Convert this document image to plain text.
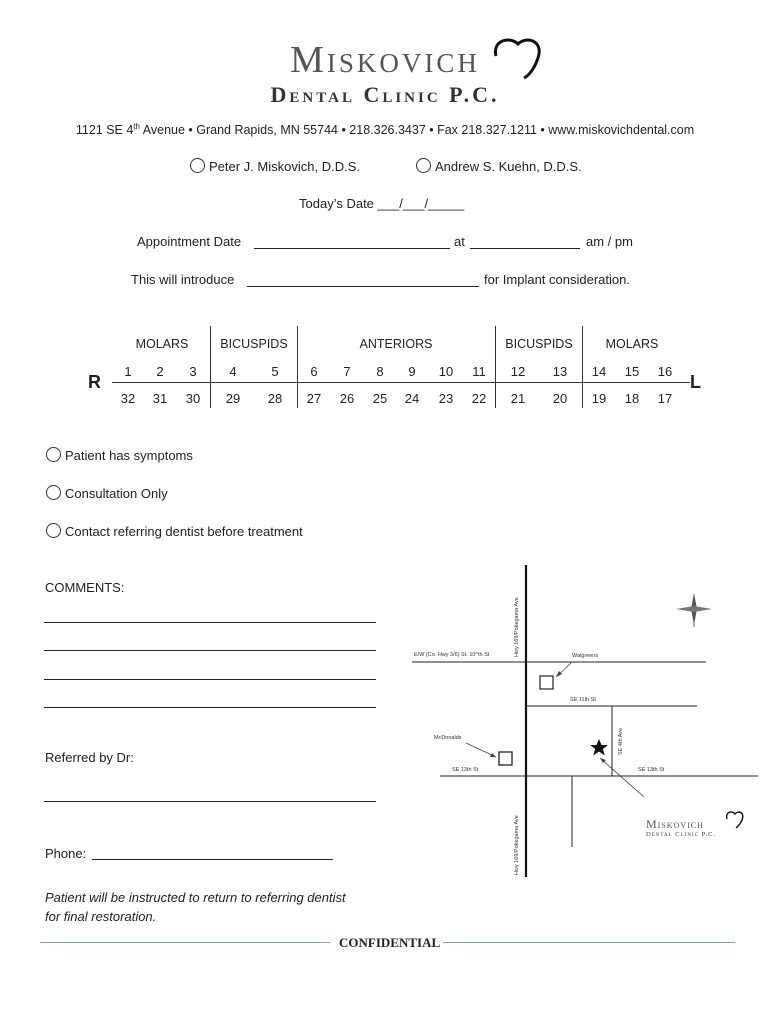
Miskovich
Dental Clinic P.C.
1121 SE 4th Avenue • Grand Rapids, MN 55744 • 218.326.3437 • Fax 218.327.1211 • www.miskovichdental.com
Peter J. Miskovich, D.D.S.	Andrew S. Kuehn, D.D.S.
Today’s Date ___/___/_____
Appointment Date	at	am / pm
This will introduce	for Implant consideration.
R	L
MOLARS	BICUSPIDS	ANTERIORS	BICUSPIDS	MOLARS
1	2	3	4	5	6	7	8	9	10	11	12	13	14	15	16
32	31	30	29	28	27	26	25	24	23	22	21	20	19	18	17
Patient has symptoms
Consultation Only
Contact referring dentist before treatment
COMMENTS:
Referred by Dr:
Phone:
Patient will be instructed to return to referring dentist
for final restoration.
CONFIDENTIAL
Hwy 169/Pokegama Ave
Hwy 169/Pokegama Ave
E/W (Co. Hwy 3/6) St. 10^th St	Walgreens
SE 11th St
McDonalds
SE 13th St	SE 13th St
SE 4th Ave
Miskovich
Dental Clinic P.C.
